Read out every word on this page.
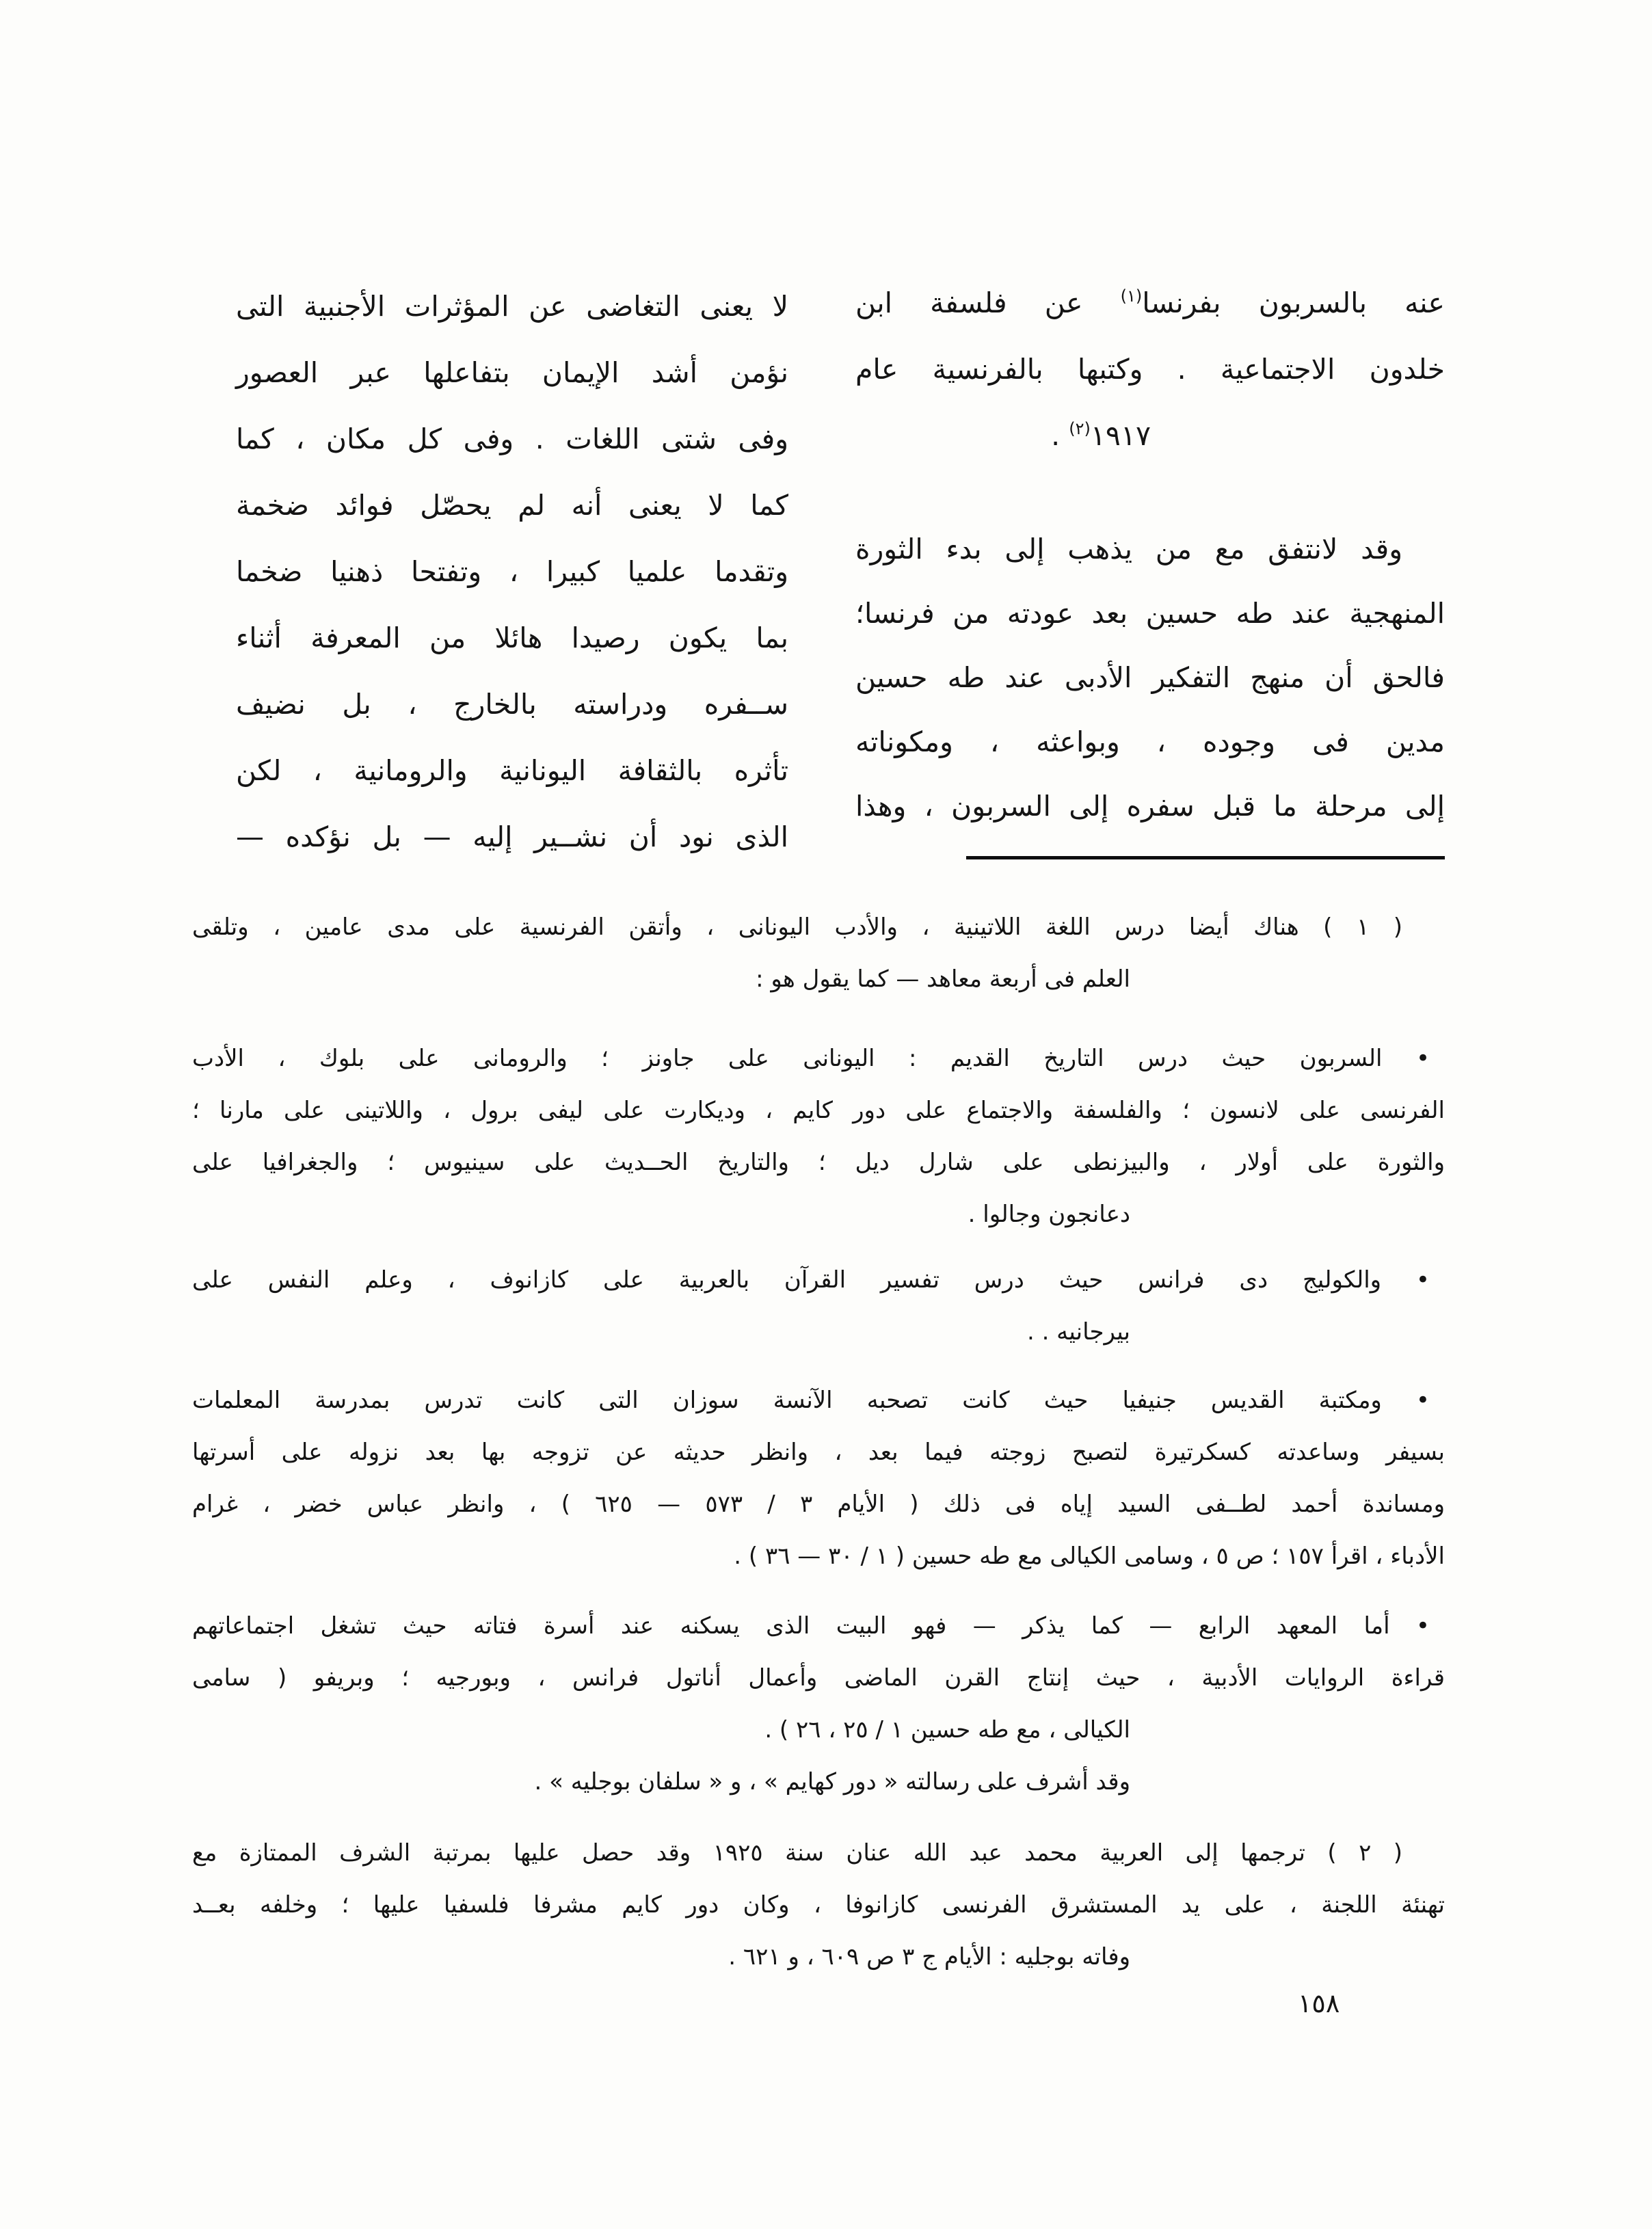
عنه بالسربون بفرنسا$^{(١)}$ عن فلسفة ابن
خلدون الاجتماعية . وكتبها بالفرنسية عام
١٩١٧$^{(٢)}$ .
وقد لانتفق مع من يذهب إلى بدء الثورة
المنهجية عند طه حسين بعد عودته من فرنسا؛
فالحق أن منهج التفكير الأدبى عند طه حسين
مدين فى وجوده ، وبواعثه ، ومكوناته
إلى مرحلة ما قبل سفره إلى السربون ، وهذا
لا يعنى التغاضى عن المؤثرات الأجنبية التى
نؤمن أشد الإيمان بتفاعلها عبر العصور
وفى شتى اللغات . وفى كل مكان ، كما
كما لا يعنى أنه لم يحصّل فوائد ضخمة
وتقدما علميا كبيرا ، وتفتحا ذهنيا ضخما
بما يكون رصيدا هائلا من المعرفة أثناء
ســفره ودراسته بالخارج ، بل نضيف
تأثره بالثقافة اليونانية والرومانية ، لكن
الذى نود أن نشــير إليه — بل نؤكده —
( ١ ) هناك أيضا درس اللغة اللاتينية ، والأدب اليونانى ، وأتقن الفرنسية على مدى عامين ، وتلقى
العلم فى أربعة معاهد — كما يقول هو :
• السربون حيث درس التاريخ القديم : اليونانى على جاونز ؛ والرومانى على بلوك ، الأدب
الفرنسى على لانسون ؛ والفلسفة والاجتماع على دور كايم ، وديكارت على ليفى برول ، واللاتينى على مارنا ؛
والثورة على أولار ، والبيزنطى على شارل ديل ؛ والتاريخ الحــديث على سينيوس ؛ والجغرافيا على
دعانجون وجالوا .
• والكوليج دى فرانس حيث درس تفسير القرآن بالعربية على كازانوف ، وعلم النفس على
بيرجانيه . .
• ومكتبة القديس جنيفيا حيث كانت تصحبه الآنسة سوزان التى كانت تدرس بمدرسة المعلمات
بسيفر وساعدته كسكرتيرة لتصبح زوجته فيما بعد ، وانظر حديثه عن تزوجه بها بعد نزوله على أسرتها
ومساندة أحمد لطــفى السيد إياه فى ذلك ( الأيام ٣ / ٥٧٣ — ٦٢٥ ) ، وانظر عباس خضر ، غرام
الأدباء ، اقرأ ١٥٧ ؛ ص ٥ ، وسامى الكيالى مع طه حسين ( ١ / ٣٠ — ٣٦ ) .
• أما المعهد الرابع — كما يذكر — فهو البيت الذى يسكنه عند أسرة فتاته حيث تشغل اجتماعاتهم
قراءة الروايات الأدبية ، حيث إنتاج القرن الماضى وأعمال أناتول فرانس ، وبورجيه ؛ وبريفو ( سامى
الكيالى ، مع طه حسين ١ / ٢٥ ، ٢٦ ) .
وقد أشرف على رسالته « دور كهايم » ، و « سلفان بوجليه » .
( ٢ ) ترجمها إلى العربية محمد عبد الله عنان سنة ١٩٢٥ وقد حصل عليها بمرتبة الشرف الممتازة مع
تهنئة اللجنة ، على يد المستشرق الفرنسى كازانوفا ، وكان دور كايم مشرفا فلسفيا عليها ؛ وخلفه بعــد
وفاته بوجليه : الأيام ج ٣ ص ٦٠٩ ، و ٦٢١ .
١٥٨
